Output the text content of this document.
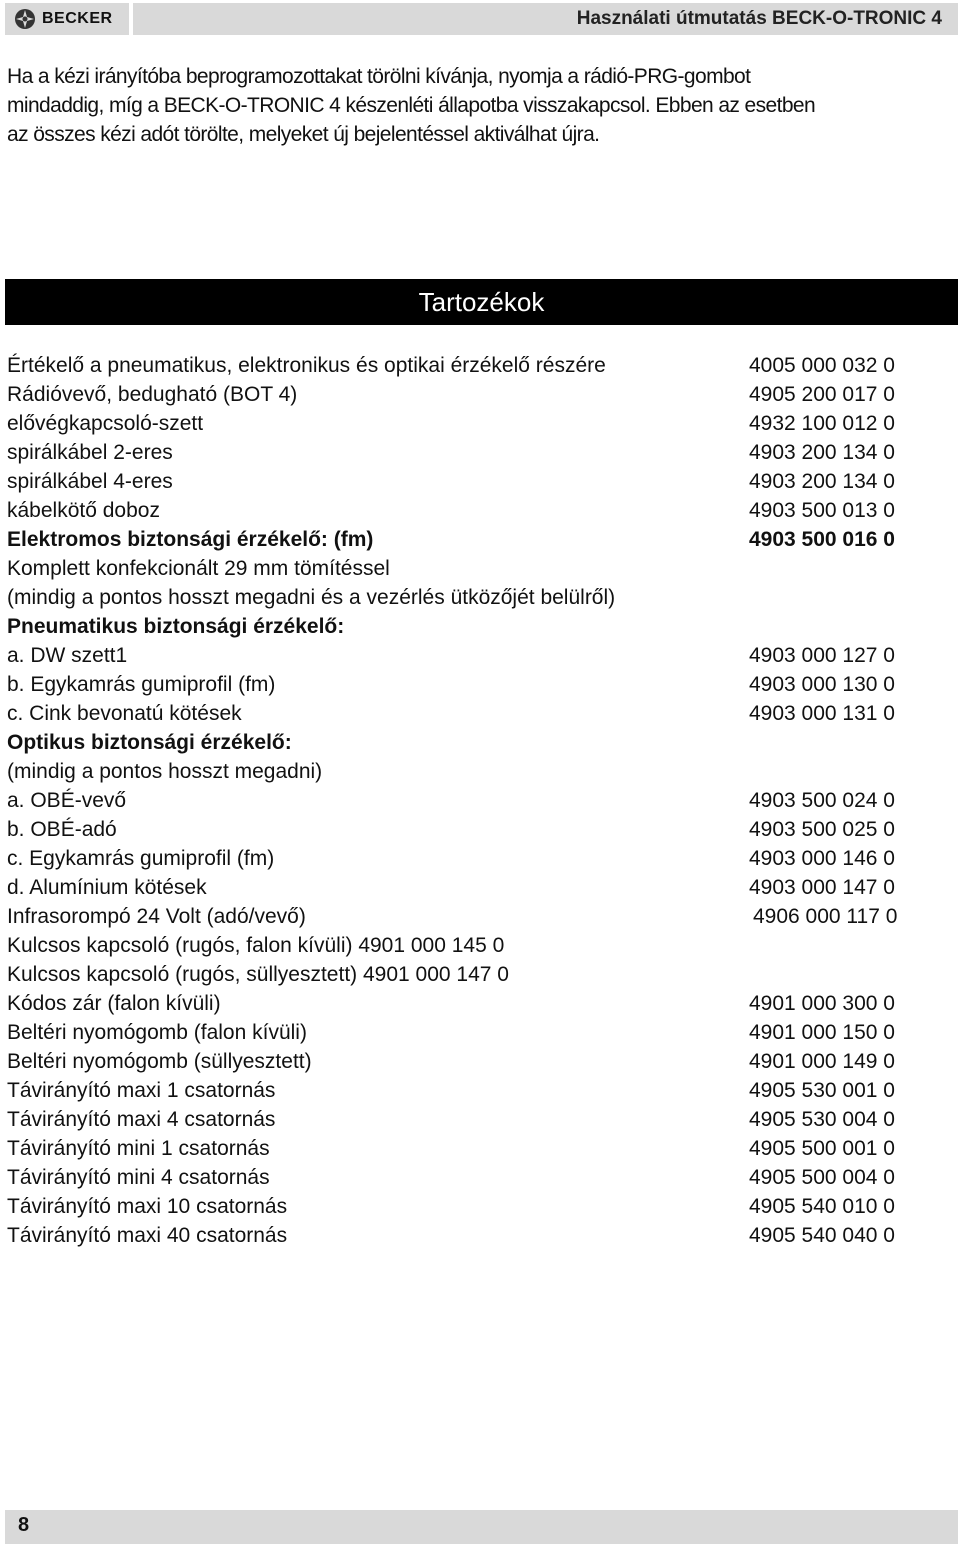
BECKER	Használati útmutatás BECK-O-TRONIC 4

Ha a kézi irányítóba beprogramozottakat törölni kívánja, nyomja a rádió-PRG-gombot

mindaddig, míg a BECK-O-TRONIC 4 készenléti állapotba visszakapcsol. Ebben az esetben

az összes kézi adót törölte, melyeket új bejelentéssel aktiválhat újra.

Tartozékok
Értékelő a pneumatikus, elektronikus és optikai érzékelő részére	4005 000 032 0
Rádióvevő, bedugható (BOT 4)	4905 200 017 0
elővégkapcsoló-szett	4932 100 012 0
spirálkábel 2-eres	4903 200 134 0
spirálkábel 4-eres	4903 200 134 0
kábelkötő doboz	4903 500 013 0
Elektromos biztonsági érzékelő: (fm)	4903 500 016 0
Komplett konfekcionált 29 mm tömítéssel
(mindig a pontos hosszt megadni és a vezérlés ütközőjét belülről)
Pneumatikus biztonsági érzékelő:
a. DW szett1	4903 000 127 0
b. Egykamrás gumiprofil (fm)	4903 000 130 0
c. Cink bevonatú kötések	4903 000 131 0
Optikus biztonsági érzékelő:
(mindig a pontos hosszt megadni)
a. OBÉ-vevő	4903 500 024 0
b. OBÉ-adó	4903 500 025 0
c. Egykamrás gumiprofil (fm)	4903 000 146 0
d. Alumínium kötések	4903 000 147 0
Infrasorompó 24 Volt (adó/vevő)	4906 000 117 0
Kulcsos kapcsoló (rugós, falon kívüli) 4901 000 145 0
Kulcsos kapcsoló (rugós, süllyesztett) 4901 000 147 0
Kódos zár (falon kívüli)	4901 000 300 0
Beltéri nyomógomb (falon kívüli)	4901 000 150 0
Beltéri nyomógomb (süllyesztett)	4901 000 149 0
Távirányító maxi 1 csatornás	4905 530 001 0
Távirányító maxi 4 csatornás	4905 530 004 0
Távirányító mini 1 csatornás	4905 500 001 0
Távirányító mini 4 csatornás	4905 500 004 0
Távirányító maxi 10 csatornás	4905 540 010 0
Távirányító maxi 40 csatornás	4905 540 040 0
8
